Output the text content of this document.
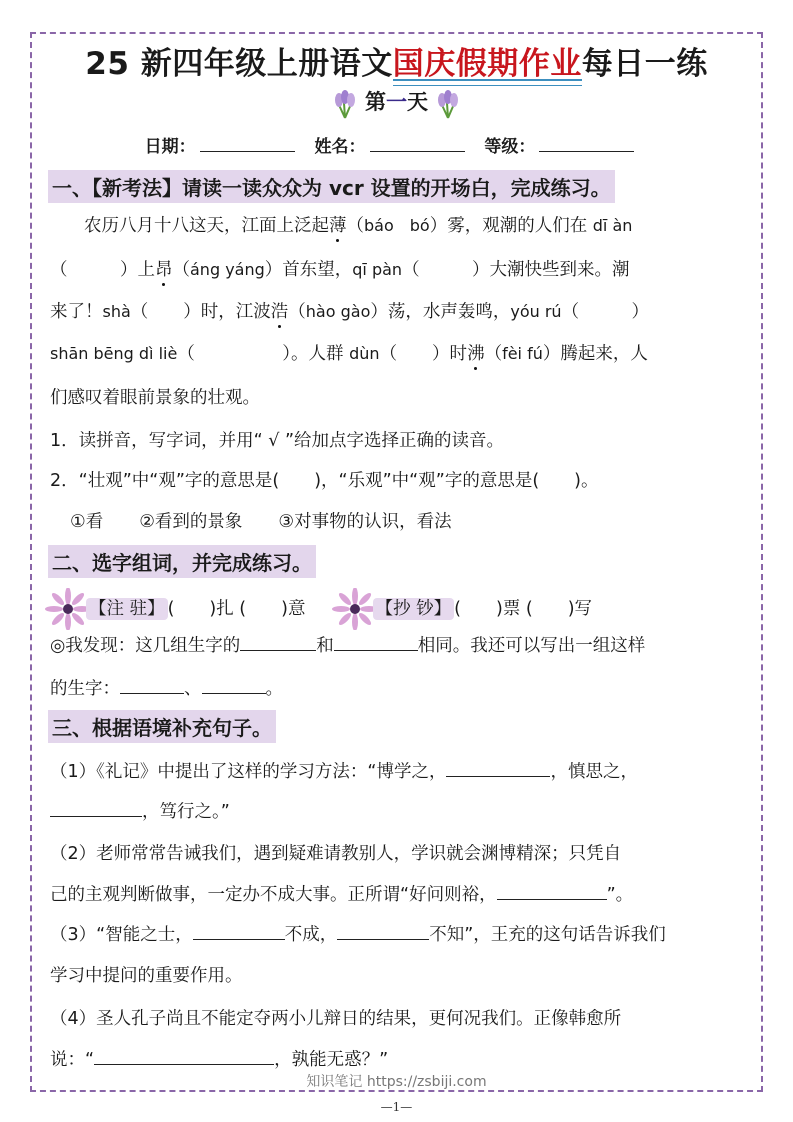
25 新四年级上册语文国庆假期作业每日一练
第一天
日期：	姓名：	等级：
一、【新考法】请读一读众众为 vcr 设置的开场白，完成练习。
农历八月十八这天，江面上泛起薄（báo　bó）雾，观潮的人们在 dī àn
（　　　）上昂（áng yáng）首东望，qī pàn（　　　）大潮快些到来。潮
来了！shà（　　）时，江波浩（hào gào）荡，水声轰鸣，yóu rú（　　　）
shān bēng dì liè（　　　　　）。人群 dùn（　　）时沸（fèi fú）腾起来，人
们感叹着眼前景象的壮观。
1．读拼音，写字词，并用“ √ ”给加点字选择正确的读音。
2．“壮观”中“观”字的意思是(　　)，“乐观”中“观”字的意思是(　　)。
①看 ②看到的景象 ③对事物的认识，看法
二、选字组词，并完成练习。
【注 驻】 (　　)扎 (　　)意	【抄 钞】 (　　)票 (　　)写
◎我发现：这几组生字的	和	相同。我还可以写出一组这样
的生字：	、	。
三、根据语境补充句子。
（1）《礼记》中提出了这样的学习方法：“博学之，	，慎思之，
，笃行之。”
（2）老师常常告诫我们，遇到疑难请教别人，学识就会渊博精深；只凭自
己的主观判断做事，一定办不成大事。正所谓“好问则裕，	”。
（3）“智能之士，	不成，	不知”，王充的这句话告诉我们
学习中提问的重要作用。
（4）圣人孔子尚且不能定夺两小儿辩日的结果，更何况我们。正像韩愈所
说：“	，孰能无惑？”
知识笔记 https://zsbiji.com
—1—
